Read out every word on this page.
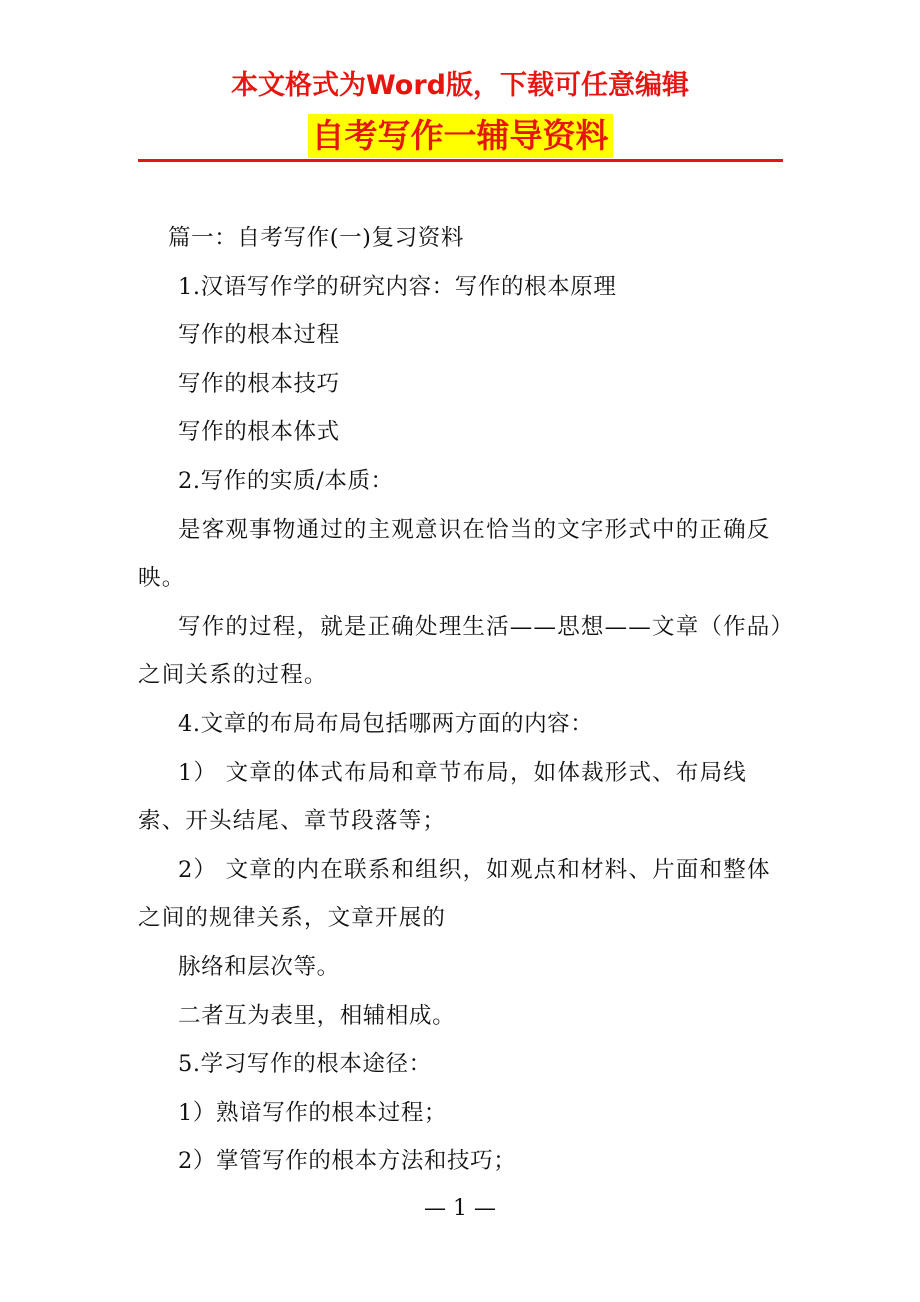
本文格式为Word版，下载可任意编辑
自考写作一辅导资料

篇一：自考写作(一)复习资料

1.汉语写作学的研究内容：写作的根本原理

写作的根本过程

写作的根本技巧

写作的根本体式

2.写作的实质/本质：

是客观事物通过的主观意识在恰当的文字形式中的正确反映。

写作的过程，就是正确处理生活——思想——文章（作品）之间关系的过程。

4.文章的布局布局包括哪两方面的内容：

1） 文章的体式布局和章节布局，如体裁形式、布局线索、开头结尾、章节段落等；

2） 文章的内在联系和组织，如观点和材料、片面和整体之间的规律关系，文章开展的

脉络和层次等。

二者互为表里，相辅相成。

5.学习写作的根本途径：

1）熟谙写作的根本过程；

2）掌管写作的根本方法和技巧；

— 1 —
